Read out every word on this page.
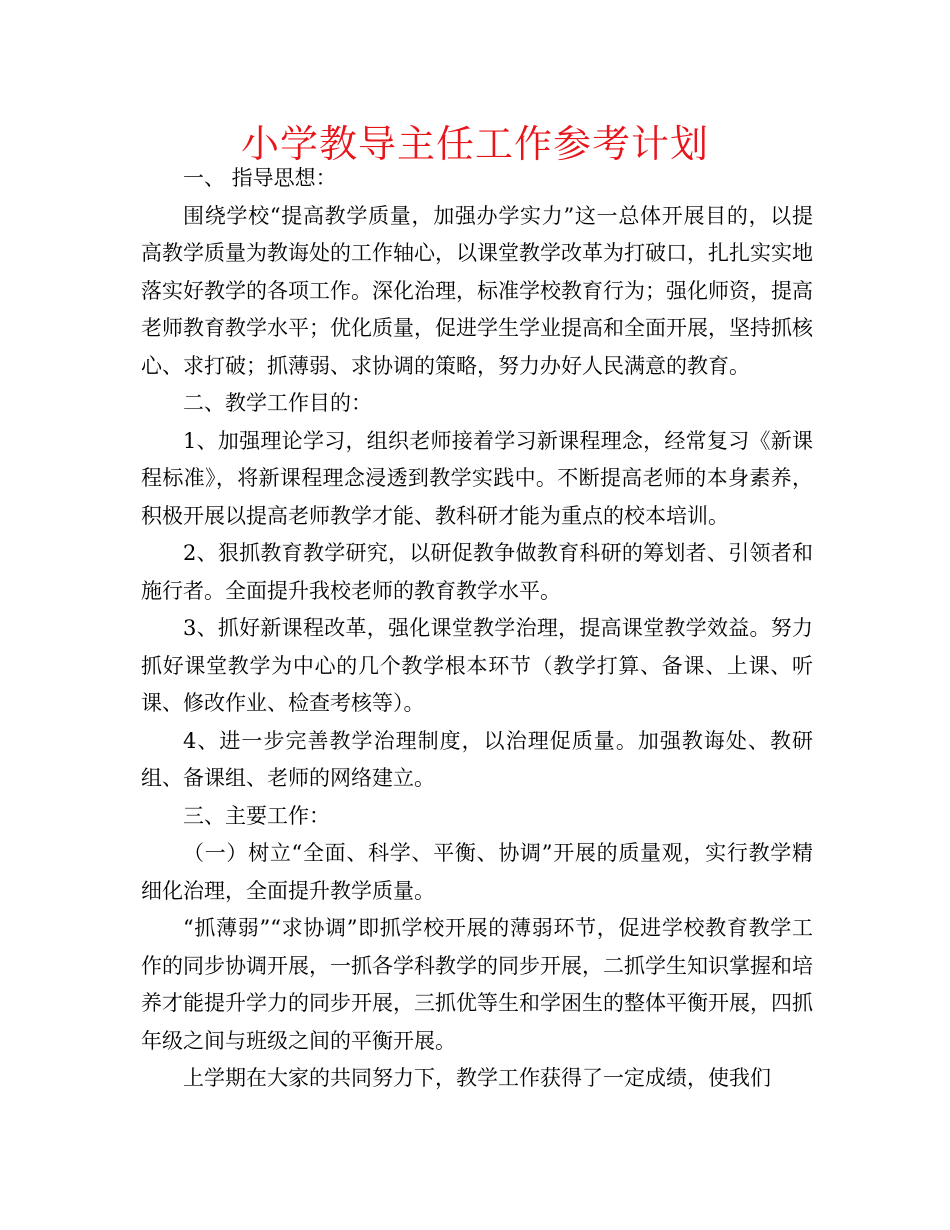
小学教导主任工作参考计划

一、 指导思想：

围绕学校“提高教学质量，加强办学实力”这一总体开展目的，以提高教学质量为教诲处的工作轴心，以课堂教学改革为打破口，扎扎实实地落实好教学的各项工作。深化治理，标准学校教育行为；强化师资，提高老师教育教学水平；优化质量，促进学生学业提高和全面开展，坚持抓核心、求打破；抓薄弱、求协调的策略，努力办好人民满意的教育。

二、教学工作目的：

1、加强理论学习，组织老师接着学习新课程理念，经常复习《新课程标准》，将新课程理念浸透到教学实践中。不断提高老师的本身素养，积极开展以提高老师教学才能、教科研才能为重点的校本培训。

2、狠抓教育教学研究，以研促教争做教育科研的筹划者、引领者和施行者。全面提升我校老师的教育教学水平。

3、抓好新课程改革，强化课堂教学治理，提高课堂教学效益。努力抓好课堂教学为中心的几个教学根本环节（教学打算、备课、上课、听课、修改作业、检查考核等）。

4、进一步完善教学治理制度，以治理促质量。加强教诲处、教研组、备课组、老师的网络建立。

三、主要工作：

（一）树立“全面、科学、平衡、协调”开展的质量观，实行教学精细化治理，全面提升教学质量。

“抓薄弱”“求协调”即抓学校开展的薄弱环节，促进学校教育教学工作的同步协调开展，一抓各学科教学的同步开展，二抓学生知识掌握和培养才能提升学力的同步开展，三抓优等生和学困生的整体平衡开展，四抓年级之间与班级之间的平衡开展。

上学期在大家的共同努力下，教学工作获得了一定成绩，使我们
